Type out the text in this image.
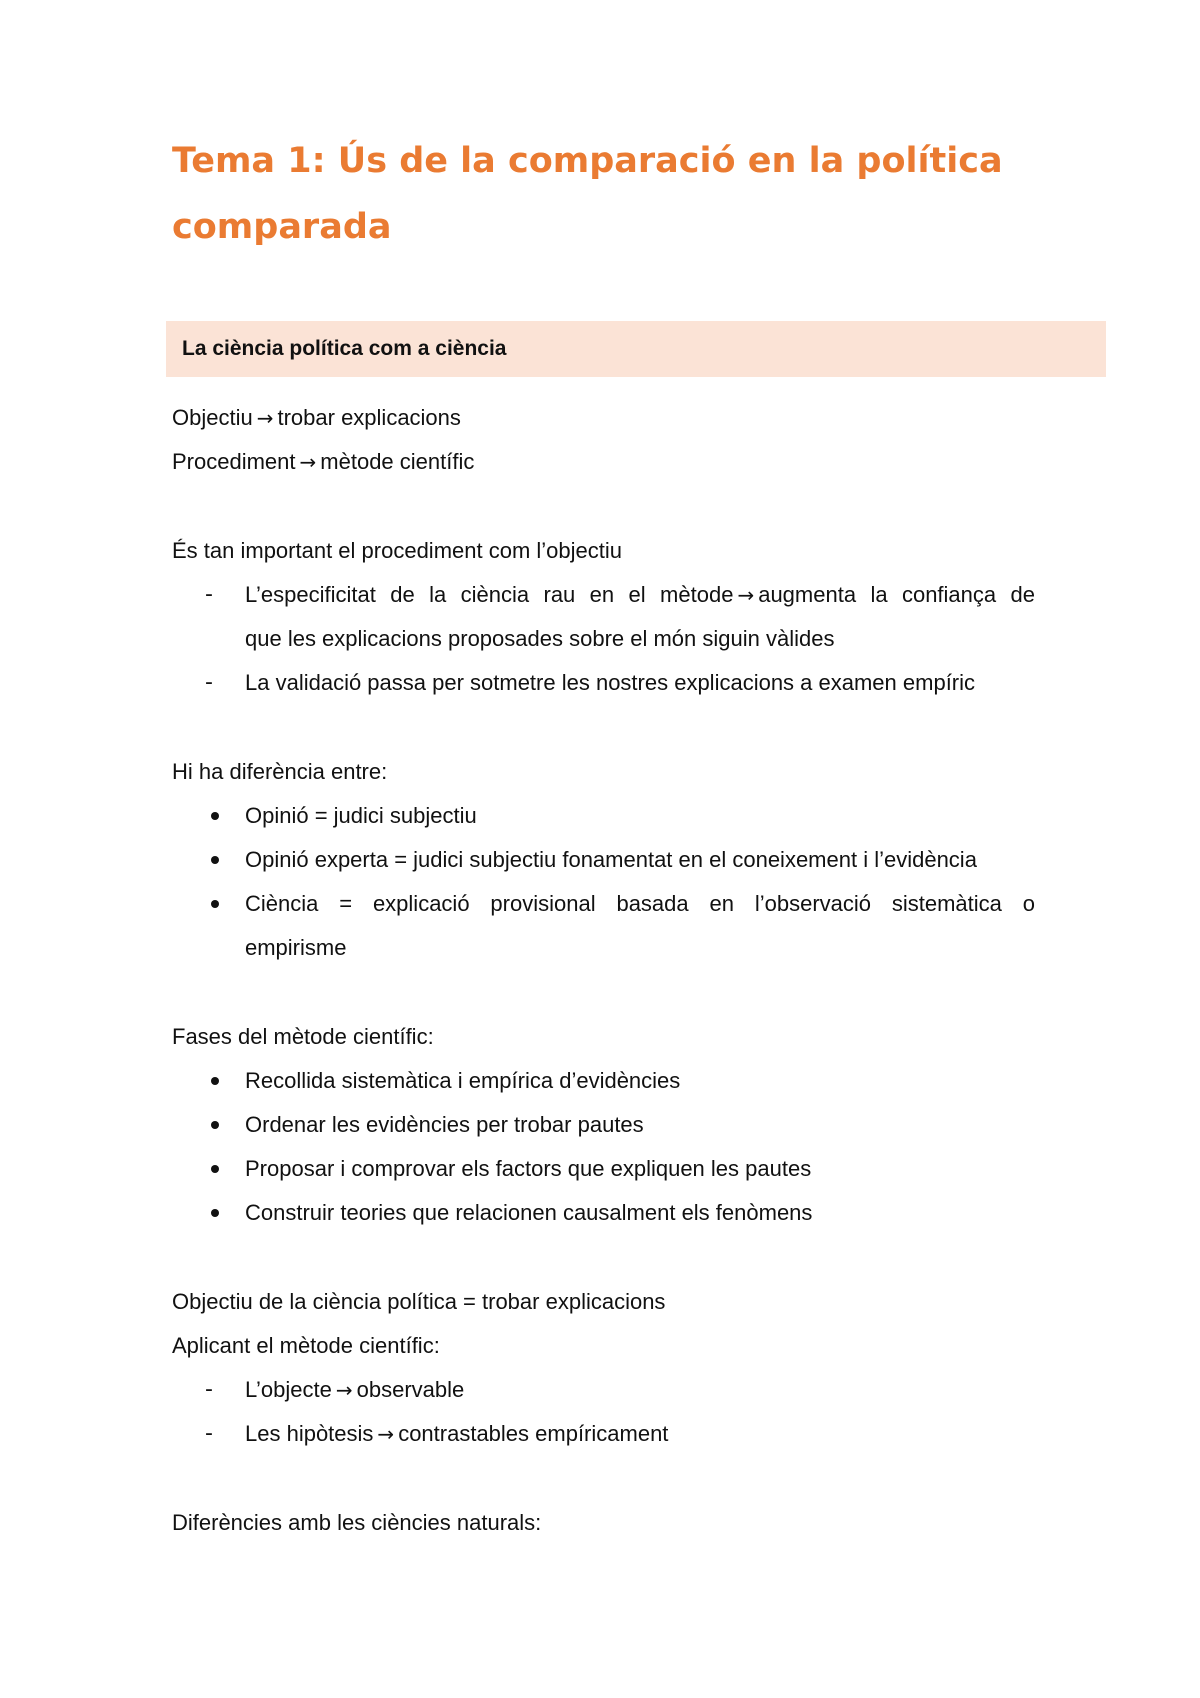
Tema 1: Ús de la comparació en la política comparada
La ciència política com a ciència
Objectiu → trobar explicacions
Procediment → mètode científic
És tan important el procediment com l’objectiu
-	L’especificitat de la ciència rau en el mètode → augmenta la confiança de
que les explicacions proposades sobre el món siguin vàlides
-	La validació passa per sotmetre les nostres explicacions a examen empíric
Hi ha diferència entre:
Opinió = judici subjectiu
Opinió experta = judici subjectiu fonamentat en el coneixement i l’evidència
Ciència = explicació provisional basada en l’observació sistemàtica o
empirisme
Fases del mètode científic:
Recollida sistemàtica i empírica d’evidències
Ordenar les evidències per trobar pautes
Proposar i comprovar els factors que expliquen les pautes
Construir teories que relacionen causalment els fenòmens
Objectiu de la ciència política = trobar explicacions
Aplicant el mètode científic:
-	L’objecte → observable
-	Les hipòtesis → contrastables empíricament
Diferències amb les ciències naturals:
